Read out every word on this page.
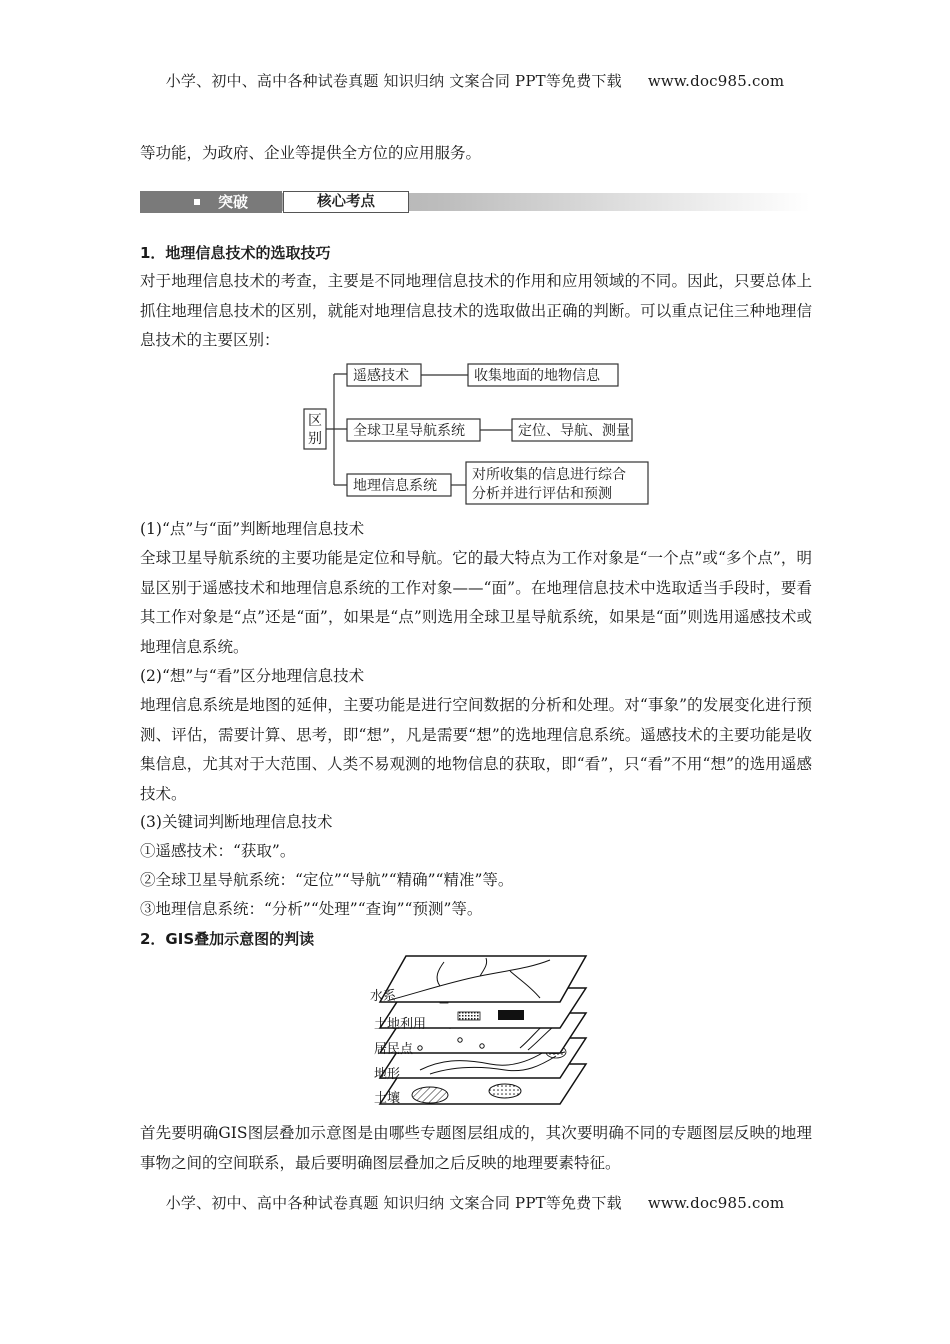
小学、初中、高中各种试卷真题 知识归纳 文案合同 PPT等免费下载 www.doc985.com
等功能，为政府、企业等提供全方位的应用服务。
突破	核心考点
1．地理信息技术的选取技巧
对于地理信息技术的考查，主要是不同地理信息技术的作用和应用领域的不同。因此，只要总体上抓住地理信息技术的区别，就能对地理信息技术的选取做出正确的判断。可以重点记住三种地理信息技术的主要区别：
区
别
遥感技术	收集地面的地物信息
全球卫星导航系统	定位、导航、测量
地理信息系统
对所收集的信息进行综合
分析并进行评估和预测
(1)“点”与“面”判断地理信息技术
全球卫星导航系统的主要功能是定位和导航。它的最大特点为工作对象是“一个点”或“多个点”，明显区别于遥感技术和地理信息系统的工作对象——“面”。在地理信息技术中选取适当手段时，要看其工作对象是“点”还是“面”，如果是“点”则选用全球卫星导航系统，如果是“面”则选用遥感技术或地理信息系统。
(2)“想”与“看”区分地理信息技术
地理信息系统是地图的延伸，主要功能是进行空间数据的分析和处理。对“事象”的发展变化进行预测、评估，需要计算、思考，即“想”，凡是需要“想”的选地理信息系统。遥感技术的主要功能是收集信息，尤其对于大范围、人类不易观测的地物信息的获取，即“看”，只“看”不用“想”的选用遥感技术。
(3)关键词判断地理信息技术
①遥感技术：“获取”。
②全球卫星导航系统：“定位”“导航”“精确”“精准”等。
③地理信息系统：“分析”“处理”“查询”“预测”等。
2．GIS叠加示意图的判读
水系
土地利用
居民点
地形
土壤
首先要明确GIS图层叠加示意图是由哪些专题图层组成的，其次要明确不同的专题图层反映的地理事物之间的空间联系，最后要明确图层叠加之后反映的地理要素特征。
小学、初中、高中各种试卷真题 知识归纳 文案合同 PPT等免费下载 www.doc985.com
